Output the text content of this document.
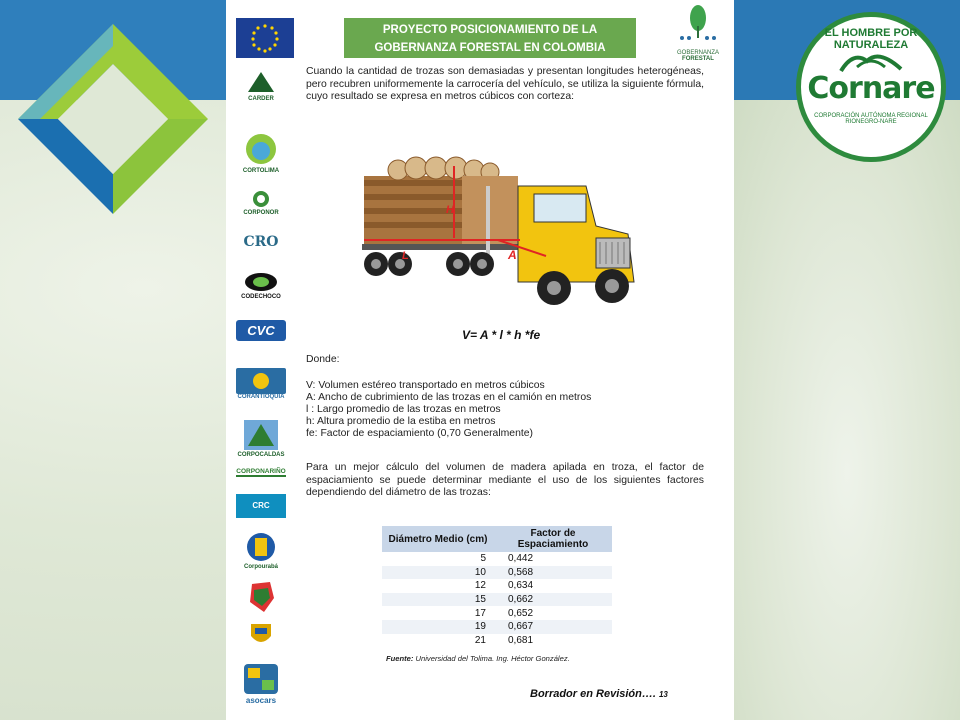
EL HOMBRE POR NATURALEZA
Cornare
CORPORACIÓN AUTÓNOMA REGIONAL RIONEGRO-NARE
CARDER
CORTOLIMA
CORPONOR
CRO
CODECHOCO
CVC
CORANTIOQUIA
CORPOCALDAS
CORPONARIÑO
CRC
Corpourabá
asocars
PROYECTO POSICIONAMIENTO DE LA
GOBERNANZA FORESTAL EN COLOMBIA	GOBERNANZA
FORESTAL
Cuando la cantidad de trozas son demasiadas y presentan longitudes heterogéneas, pero recubren uniformemente la carrocería del vehículo, se utiliza la siguiente fórmula, cuyo resultado se expresa en metros cúbicos con corteza:
H
L	A
V= A * l * h *fe
Donde:
V: Volumen estéreo transportado en metros cúbicos
A: Ancho de cubrimiento de las trozas en el camión en metros
l : Largo promedio de las trozas en metros
h: Altura promedio de la estiba en metros
fe: Factor de espaciamiento (0,70 Generalmente)
Para un mejor cálculo del volumen de madera apilada en troza, el factor de espaciamiento se puede determinar mediante el uso de los siguientes factores dependiendo del diámetro de las trozas:
Diámetro Medio (cm)	Factor de Espaciamiento
5	0,442
10	0,568
12	0,634
15	0,662
17	0,652
19	0,667
21	0,681
Fuente: Universidad del Tolima. Ing. Héctor González.
Borrador en Revisión…. 13
